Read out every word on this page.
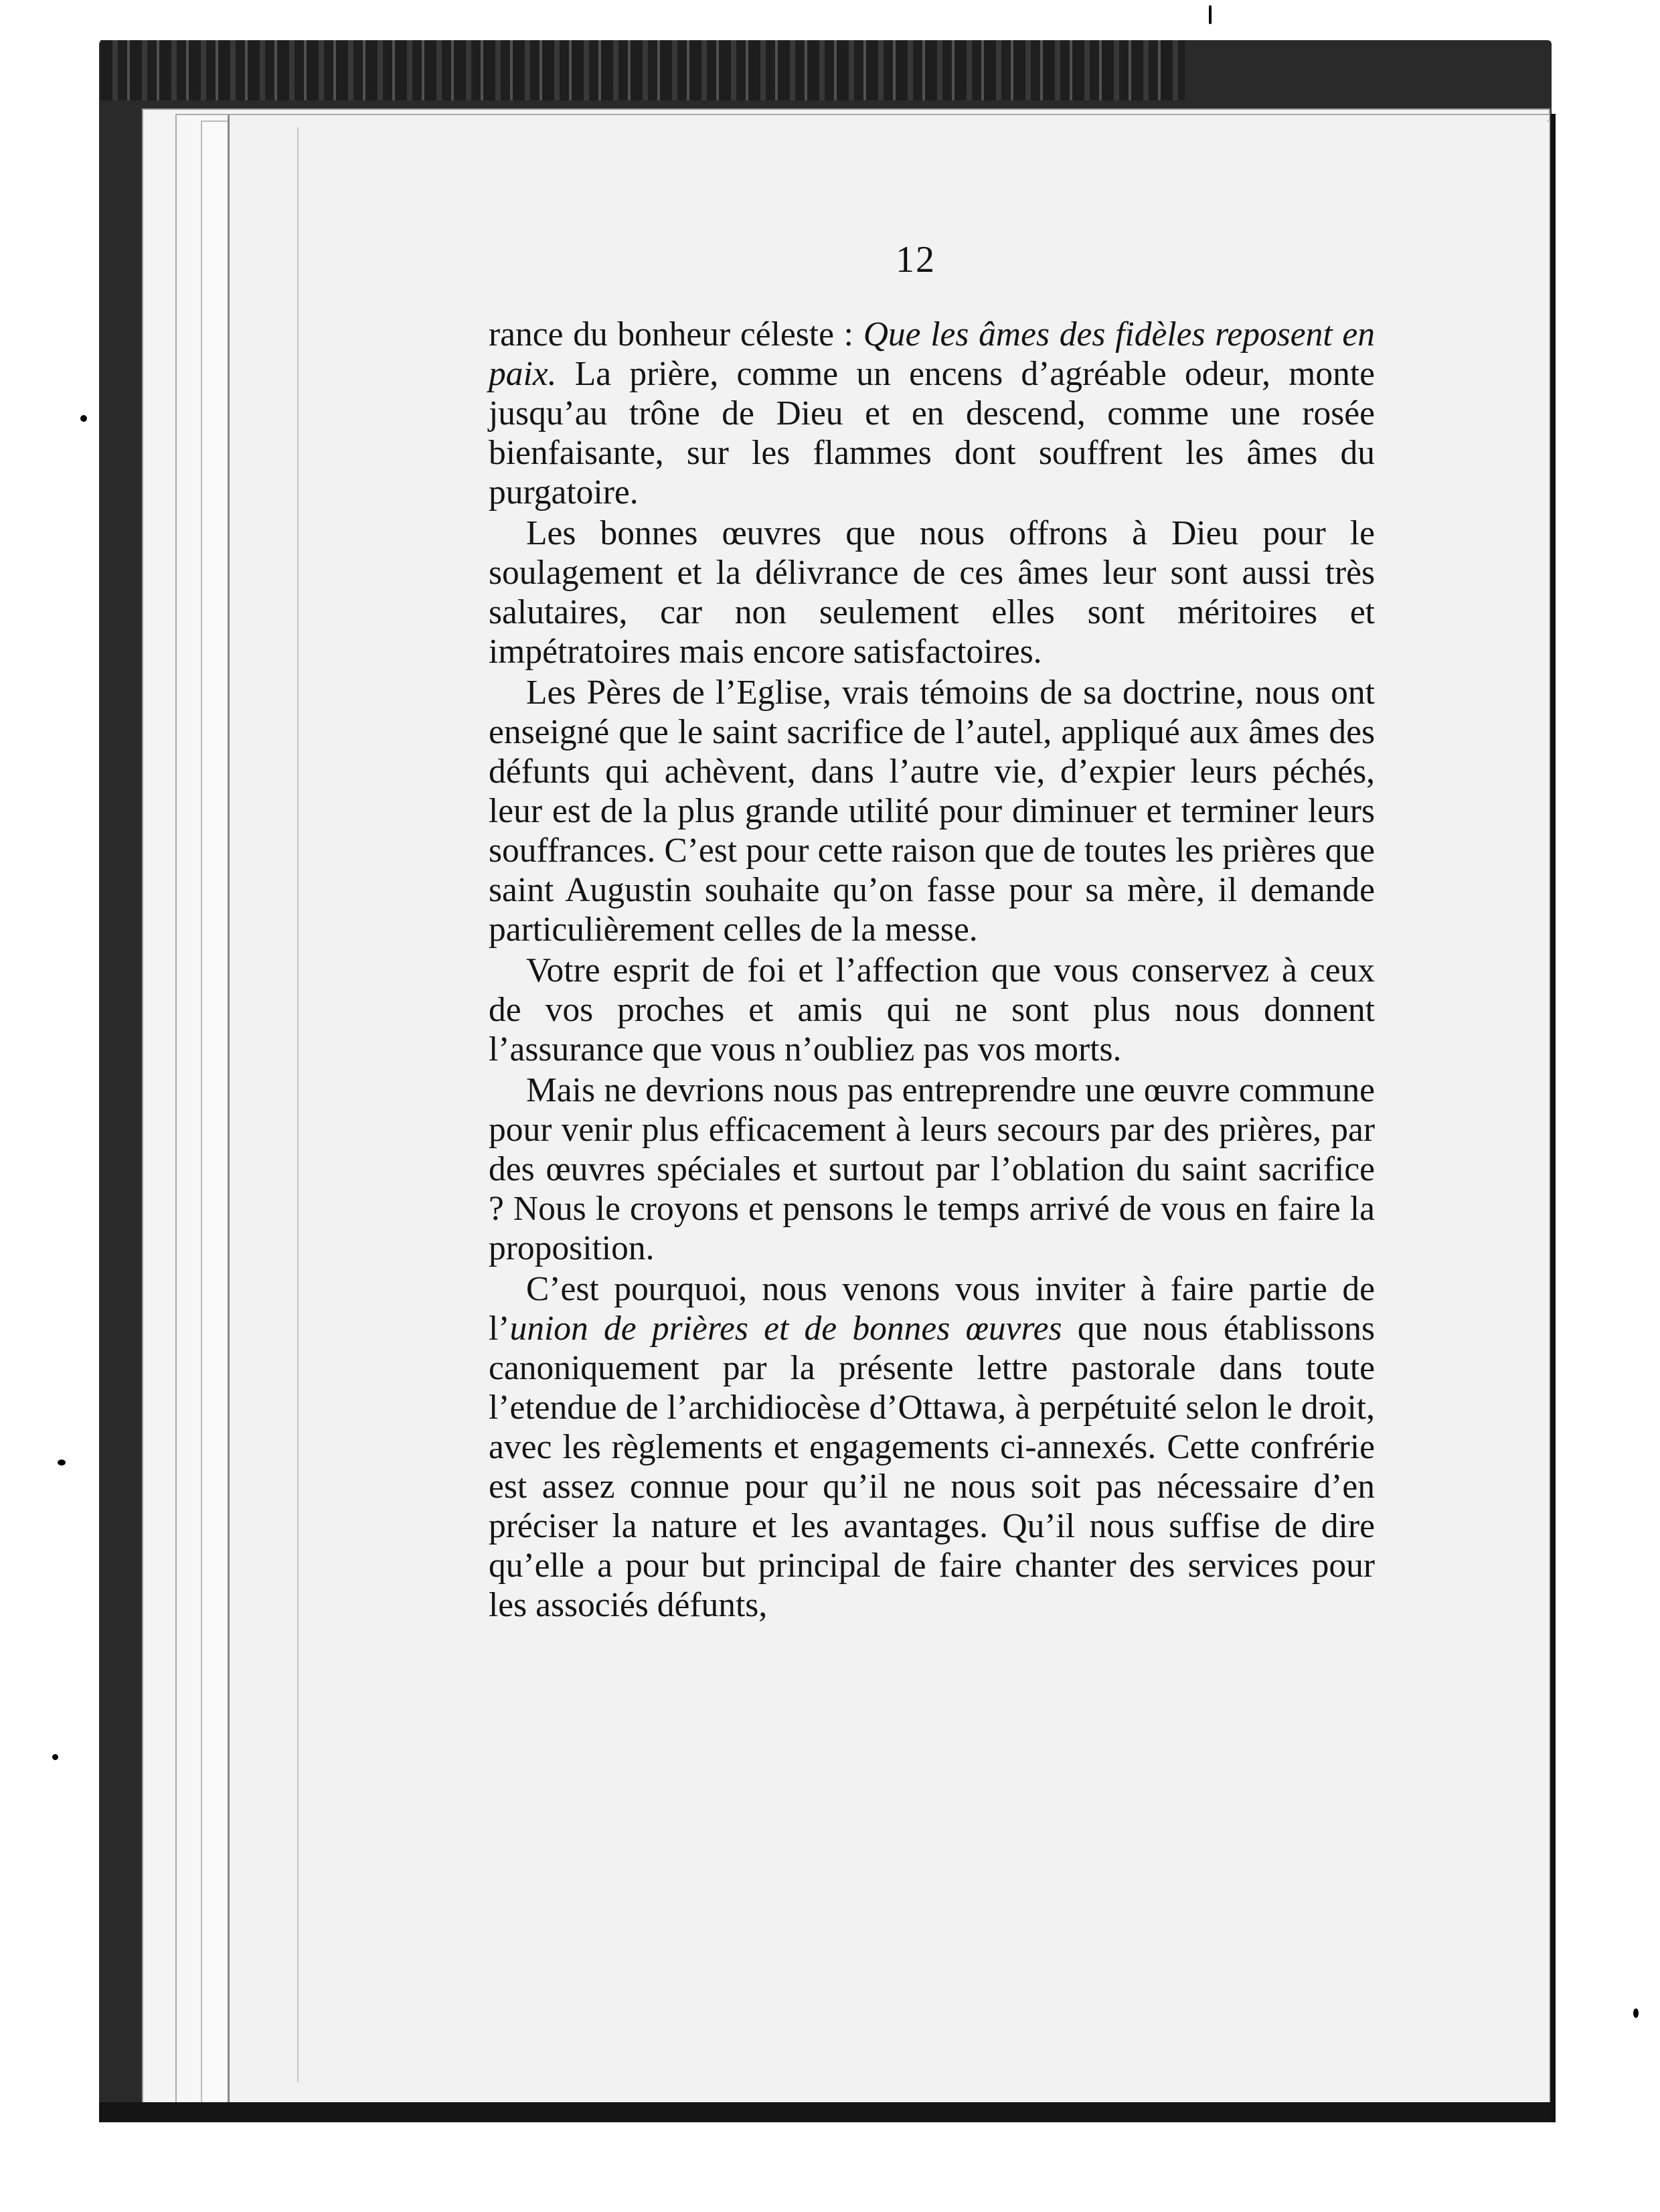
12

rance du bonheur céleste : Que les âmes des fidèles reposent en paix. La prière, comme un encens d’agréable odeur, monte jusqu’au trône de Dieu et en descend, comme une rosée bienfaisante, sur les flammes dont souffrent les âmes du purgatoire.

Les bonnes œuvres que nous offrons à Dieu pour le soulagement et la délivrance de ces âmes leur sont aussi très salutaires, car non seulement elles sont méritoires et impétratoires mais encore satisfactoires.

Les Pères de l’Eglise, vrais témoins de sa doctrine, nous ont enseigné que le saint sacrifice de l’autel, appliqué aux âmes des défunts qui achèvent, dans l’autre vie, d’expier leurs péchés, leur est de la plus grande utilité pour diminuer et terminer leurs souffrances. C’est pour cette raison que de toutes les prières que saint Augustin souhaite qu’on fasse pour sa mère, il demande particulièrement celles de la messe.

Votre esprit de foi et l’affection que vous conservez à ceux de vos proches et amis qui ne sont plus nous donnent l’assurance que vous n’oubliez pas vos morts.

Mais ne devrions nous pas entreprendre une œuvre commune pour venir plus efficacement à leurs secours par des prières, par des œuvres spéciales et surtout par l’oblation du saint sacrifice ? Nous le croyons et pensons le temps arrivé de vous en faire la proposition.

C’est pourquoi, nous venons vous inviter à faire partie de l’union de prières et de bonnes œuvres que nous établissons canoniquement par la présente lettre pastorale dans toute l’etendue de l’archidiocèse d’Ottawa, à perpétuité selon le droit, avec les règlements et engagements ci-annexés. Cette confrérie est assez connue pour qu’il ne nous soit pas nécessaire d’en préciser la nature et les avantages. Qu’il nous suffise de dire qu’elle a pour but principal de faire chanter des services pour les associés défunts,
